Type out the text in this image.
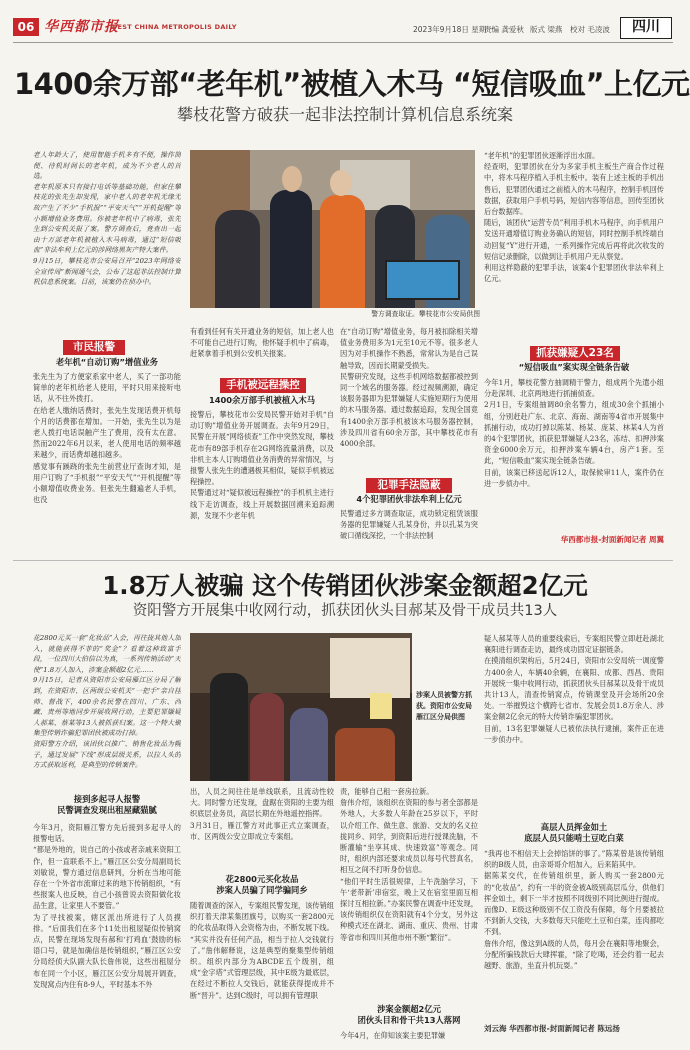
06 华西都市报
WEST CHINA METROPOLIS DAILY	2023年9月18日 星期一
责编 龚爱秋 版式 梁燕 校对 毛凌波	四川
1400余万部“老年机”被植入木马 “短信吸血”上亿元
攀枝花警方破获一起非法控制计算机信息系统案
老人年龄大了，使用智能手机多有不便，操作简便、待机时间长的老年机，成为不少老人的首选。
老年机原本只有接打电话等基础功能，但家住攀枝花的张先生却发现，家中老人的老年机无缘无故产生了不少“手机报”“平安天气”“开机提醒”等小额增值业务费用。你被老年机中了病毒，张先生到公安机关报了案。警方调查后，竟查出一起由十万部老年机被植入木马病毒，通过“短信吸血”非法牟利上亿元的涉网络黑灰产特大案件。
9月15日，攀枝花市公安局召开“2023年网络安全宣传周”新闻通气会，公布了这起非法控制计算机信息系统案。目前，该案仍在侦办中。
警方调查取证。攀枝花市公安局供图
“老年机”的犯罪团伙逐渐浮出水面。
经查明，犯罪团伙在分为多家手机主板生产商合作过程中，将木马程序植入手机主板中。装有上述主板的手机出售后，犯罪团伙通过之前植入的木马程序，控制手机回传数据，获取用户手机号码，短信内容等信息，回传至团伙后台数据库。
随后，该团伙“运营专员”利用手机木马程序，向手机用户发送开通增值订购业务确认的短信，同时控制手机终端自动回复“Y”进行开通，一系列操作完成后再将此次收发的短信记录删除，以做到让手机用户无从察觉。
利用这样隐蔽的犯罪手法，该案4个犯罪团伙非法牟利上亿元。
市民报警
老年机“自动订购”增值业务
张先生为了方便家系家中老人，买了一部功能简单的老年机给老人使用，平时只用来接听电话，从不往外拨打。
在给老人缴纳话费时，张先生发现话费开机每个月的话费都在增加。一开始，张先生以为是老人拨打电话误触产生了费用，没有太在意。然而2022年6月以来，老人使用电话的频率越来越少，而话费却越扣越多。
感觉事有蹊跷的张先生前营业厅查询才知，是用户订购了“手机报”“平安天气”“开机提醒”等小额增值收费业务。但张先生翻遍老人手机，也没
有看到任何有关开通业务的短信，加上老人也不可能自己进行订购，他怀疑手机中了病毒，赶紧拿着手机到公安机关报案。
手机被远程操控
1400余万部手机被植入木马
接警后，攀枝花市公安局民警开始对手机“自动订购”增值业务开展调查。去年9月29日，民警在开展“网络侦查”工作中突然发现，攀枝花市有89部手机存在2G网络流量消费，以及非机主本人订购增值业务消费的异常情况，与报警人张先生的遭遇极其相似，疑似手机被远程操控。
民警通过对“疑似被远程操控”的手机机主进行线下走访调查，线上开展数据回溯来追踪溯源，发现不少老年机
在“自动订购”增值业务，每月被扣除相关增值业务费用多为1元至10元不等。很多老人因为对手机操作不熟悉，常常认为是自己误触导致，因而长期蒙受损失。
民警研究发现，这些手机网络数据都被控到同一个域名的服务器。经过视频溯源，确定该服务器即为犯罪嫌疑人实施短期行为使用的木马服务器。通过数据追踪，发现全国竟有1400余万部手机被该木马服务器控制，涉及四川省有60余万部，其中攀枝花市有4000余部。
犯罪手法隐蔽
4个犯罪团伙非法牟利上亿元
民警通过多方调查取证，成功锁定租赁该服务器的犯罪嫌疑人孔某身份，并以孔某为突破口循线深挖，一个非法控制
抓获嫌疑人23名
“短信吸血”案实现全链条告破
今年1月，攀枝花警方抽调精干警力，组成两个先遣小组分赴深圳、北京两地进行抓捕侦查。
2月1日，专案组抽调80余名警力，组成30余个抓捕小组，分别赶赴广东、北京、海南、湖南等4省市开展集中抓捕行动，成功打掉以陈某、杨某、庞某、林某4人为首的4个犯罪团伙，抓获犯罪嫌疑人23名，冻结、扣押涉案资金6000余万元，扣押涉案车辆4台，房产1套。至此，“短信吸血”案实现全链条告破。
目前，该案已移送起诉12人，取保候审11人，案件仍在进一步侦办中。
华西都市报-封面新闻记者 周翼
1.8万人被骗 这个传销团伙涉案金额超2亿元
资阳警方开展集中收网行动，抓获团伙头目郝某及骨干成员共13人
花2800元买一套“化妆品”入会，再往拢其他人加入，就能获得不菲的“奖金”？看着这种致富手段，一位四川大伯信以为真，一系列传销活动“天使”1.8万人加入，涉案金额超2亿元……
9月15日，记者从资阳市公安局雁江区分局了解到，在资阳市、区两级公安机关“一把手”亲自挂帅、督战下，400余名民警在四川、广东、西藏、贵州等地同步开展收网行动，主要犯罪嫌疑人郝某、蔡某等13人被抓获归案。这一个特大聚集型传销诈骗犯罪团伙被成功打掉。
资阳警方介绍，该团伙以推广、销售化妆品为幌子，通过发展“下线”形成层级关系，以拉人头的方式获取返利，是典型的传销案件。
涉案人员被警方抓获。资阳市公安局雁江区分局供图
疑人郝某等人员的重要线索后，专案组民警立即赶赴湖北襄阳进行调查走访，最终成功固定证据链条。
在摸清组织架构后，5月24日，资阳市公安局统一调度警力400余人，车辆40余辆，在襄阳、成都、西昌、贵阳开展统一集中收网行动，抓获团伙头目郝某以及骨干成员共计13人，清查传销窝点，传销课堂及开会场所20余处。一举摧毁这个横跨七省市、发展会员1.8万余人、涉案金额2亿余元的特大传销诈骗犯罪团伙。
目前，13名犯罪嫌疑人已被依法执行逮捕，案件正在进一步侦办中。
接到多起寻人报警
民警调查发现出租屋藏猫腻
今年3月，资阳雁江警方先后接到多起寻人的报警电话。
“都是外地的，说自己的小孩或者亲戚来资阳工作，但一直联系不上。”雁江区公安分局副局长刘敏说，警方通过信息研判，分析在当地可能存在一个外省市流窜过来的地下传销组织，“有些报案人也反映，自己小孩曾说去资阳做化妆品生意，让家里人不要管。”
为了寻找被案，辖区派出所进行了人员摸排。“后面我们在多个11处出租屋疑似传销窝点，民警在现场发现有郝和‘打鸡血’鼓励的标语口号，就是加确信是传销组织，”雁江区公安分局经侦大队副大队长詹伟说，这些出租屋分布在同一个小区，雁江区公安分局展开调查，发现窝点内住有8-9人，平时基本不外
出，人员之间往往是单线联系，且流动性较大。同时警方还发现，盘踞在资阳的主要为组织底层业务员，高层长期在外地遥控指挥。
3月31日，雁江警方对此事正式立案调查，市、区两级公安立即成立专案组。
花2800元买化妆品
涉案人员骗了同学骗同乡
随着调查的深入，专案组民警发现，该传销组织打着天津某集团旗号，以购买一套2800元的化妆品取得入会资格为由，不断发展下线。
“其实并没有任何产品，相当于拉人交钱就行了。”詹伟解释说，这是典型的聚集型传销组织。组织内部分为ABCDE五个级别，组成“金字塔”式管理层级，其中E级为最底层，在经过不断拉人交钱后，就能获得提成并不断“晋升”。达到C级时，可以拥有管理职
责，能够自己租一套房拉新。
詹伟介绍，该组织在资阳的参与者全部都是外地人，大多数人年龄在25岁以下，平时以介绍工作、做生意、旅游、交友的名义拉拢同乡、同学，到资阳后进行授课洗脑，不断灌输“坐享其成、快速致富”等观念。同时，组织内部还要求成员以每号代替真名，相互之间不打听身份信息。
“他们平时生活很规律，上午洗脑学习，下午‘老带新’串宿室，晚上又在宿室里面互相探讨互相拉新。”办案民警在调查中还发现，该传销组织仅在资阳就有4个分支，另外这种模式还在湖北、湖南、重庆、贵州、甘肃等省市和四川其他市州不断“繁衍”。
涉案金额超2亿元
团伙头目和骨干共13人落网
今年4月，在仰知该案主要犯罪嫌
高层人员挥金如土
底层人员只能啃土豆吃白菜
“我再也不相信天上会掉馅饼的事了。”陈某曾是该传销组织的B级人员，由亲哥哥介绍加入，后来陷其中。
据陈某交代，在传销组织里，新人购买一套2800元的“化妆品”，约有一半的资金被A级别高层瓜分，供他们挥金如土，剩下一半才按照不同级别不同比例进行提成。而像D、E级这种级别不仅工资没有保障，每个月要被拉不到新人交钱，大多数每天只能吃土豆和白菜，连肉都吃不到。
詹伟介绍，像这到A级的人员，每月会在襄阳等地聚会，分配所骗钱款后大肆挥霍，“除了吃喝，还会约着一起去越野、旅游，坐直升机玩耍。”
刘云海 华西都市报-封面新闻记者 陈远扬
